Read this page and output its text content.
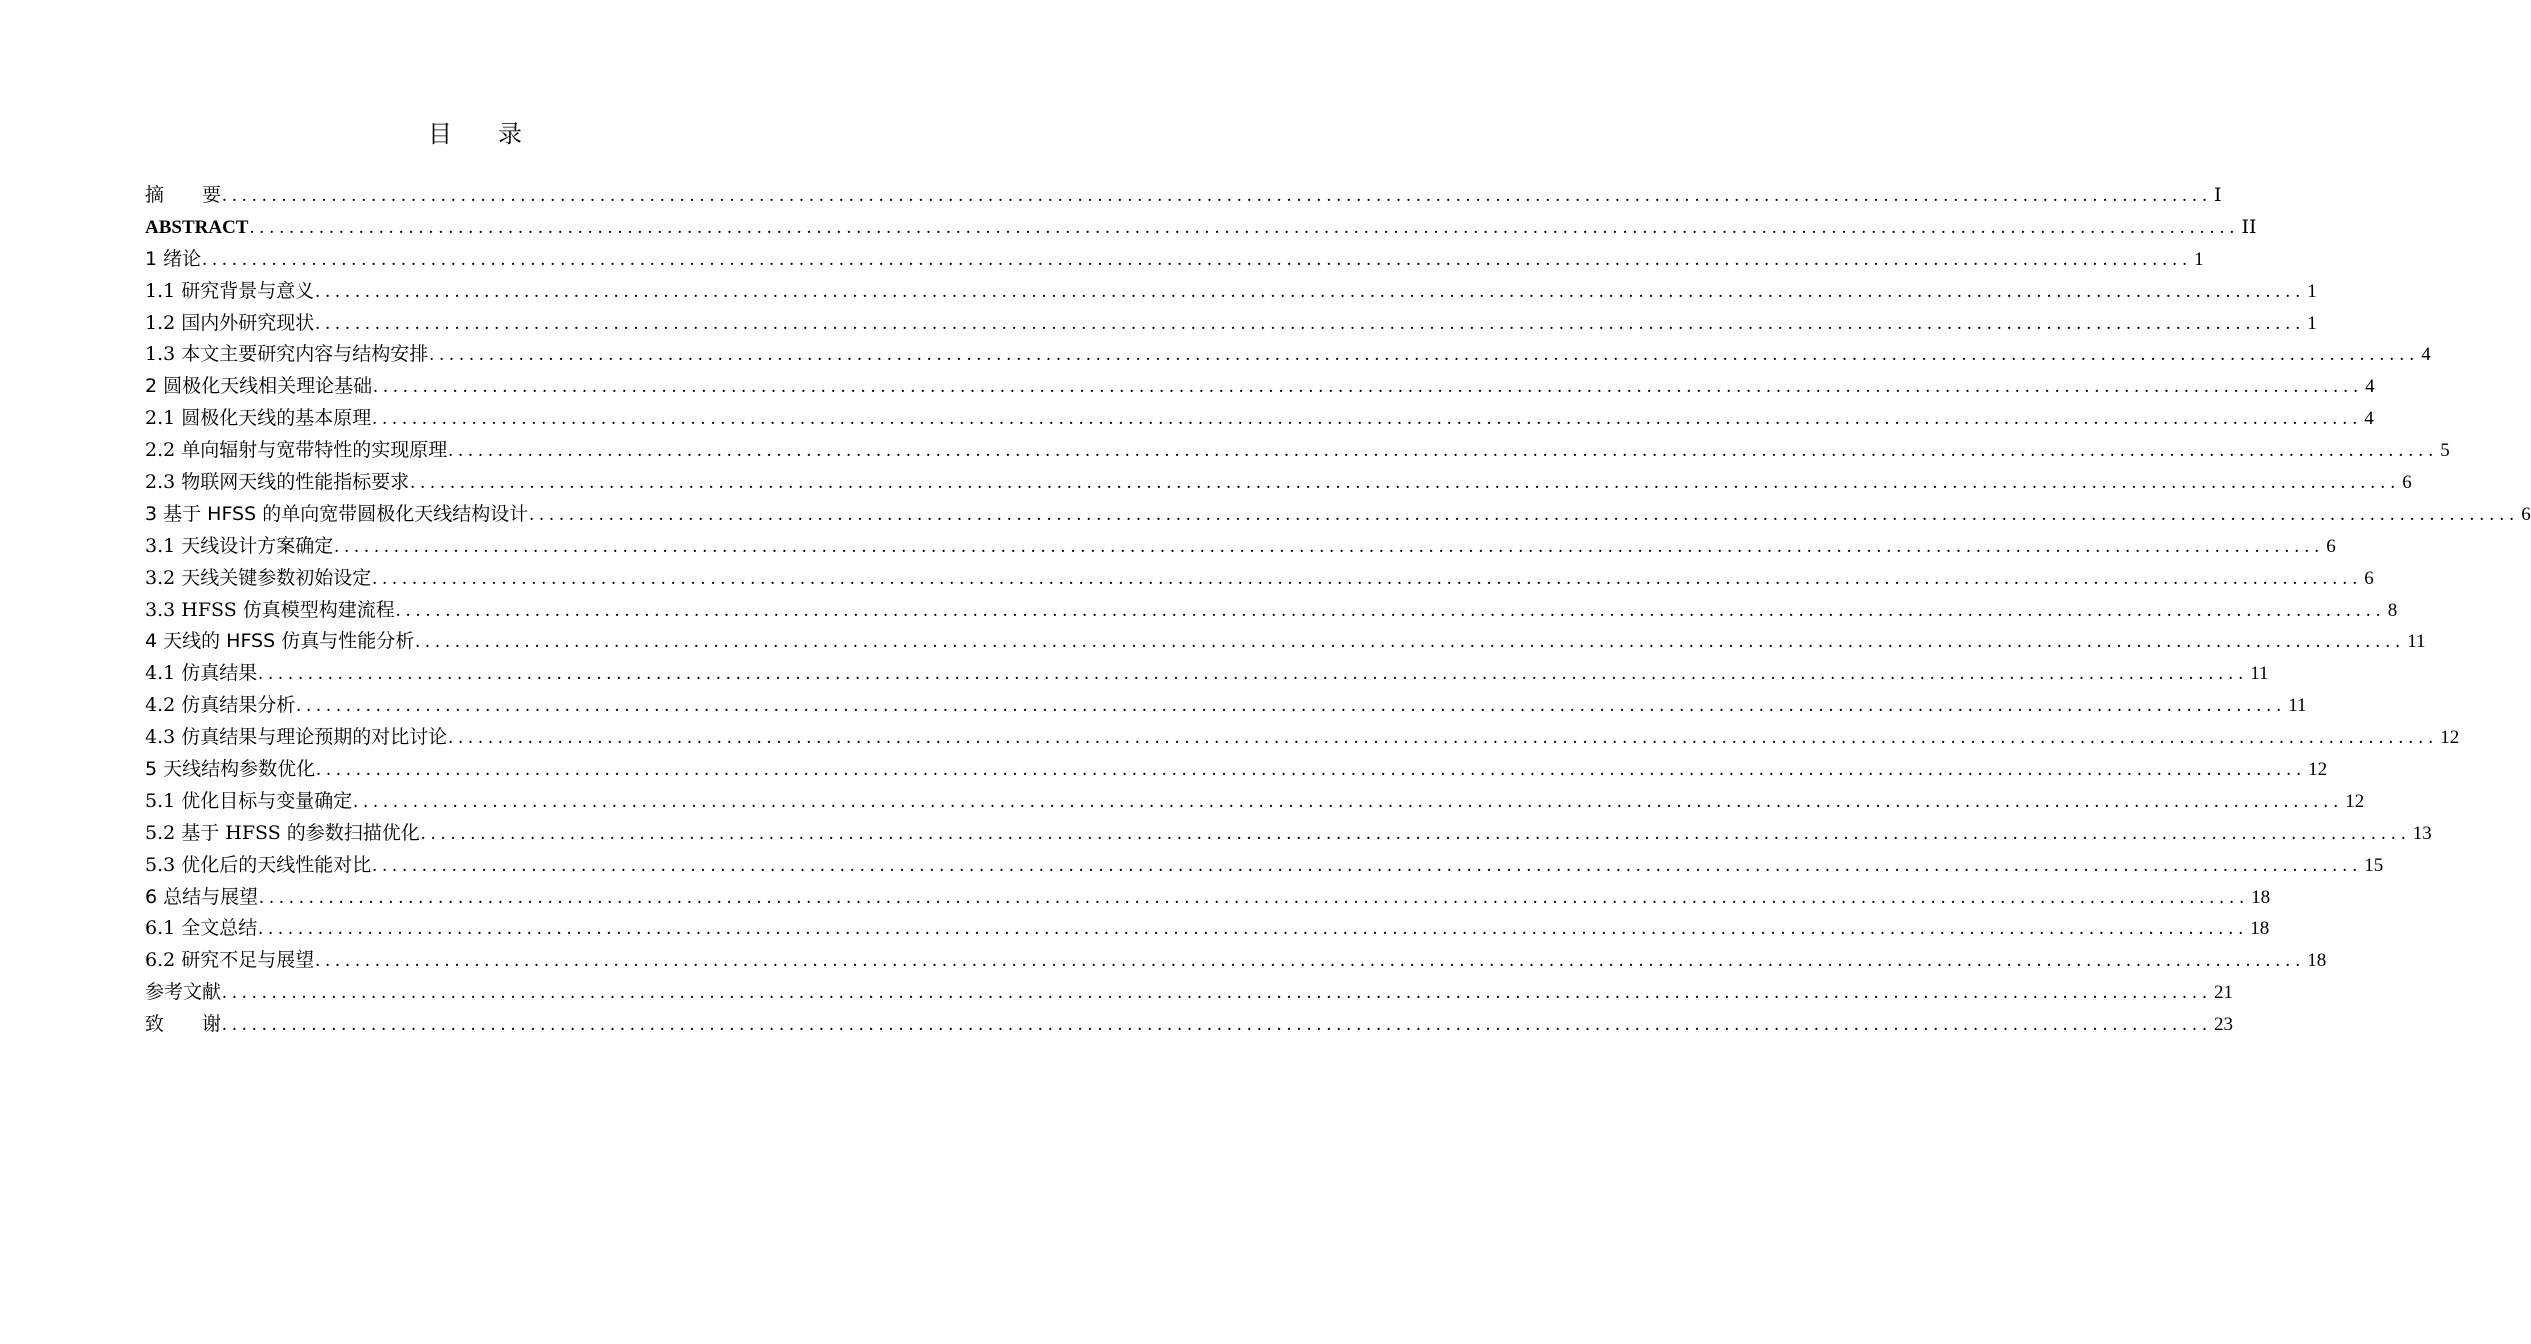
目 录
摘　　要 ........................................................................................................................................................................................................ I
ABSTRACT ........................................................................................................................................................................................................ II
1 绪论 ........................................................................................................................................................................................................ 1
1.1 研究背景与意义 ........................................................................................................................................................................................................ 1
1.2 国内外研究现状 ........................................................................................................................................................................................................ 1
1.3 本文主要研究内容与结构安排 ........................................................................................................................................................................................................ 4
2 圆极化天线相关理论基础 ........................................................................................................................................................................................................ 4
2.1 圆极化天线的基本原理 ........................................................................................................................................................................................................ 4
2.2 单向辐射与宽带特性的实现原理 ........................................................................................................................................................................................................ 5
2.3 物联网天线的性能指标要求 ........................................................................................................................................................................................................ 6
3 基于 HFSS 的单向宽带圆极化天线结构设计 ........................................................................................................................................................................................................ 6
3.1 天线设计方案确定 ........................................................................................................................................................................................................ 6
3.2 天线关键参数初始设定 ........................................................................................................................................................................................................ 6
3.3 HFSS 仿真模型构建流程 ........................................................................................................................................................................................................ 8
4 天线的 HFSS 仿真与性能分析 ........................................................................................................................................................................................................ 11
4.1 仿真结果 ........................................................................................................................................................................................................ 11
4.2 仿真结果分析 ........................................................................................................................................................................................................ 11
4.3 仿真结果与理论预期的对比讨论 ........................................................................................................................................................................................................ 12
5 天线结构参数优化 ........................................................................................................................................................................................................ 12
5.1 优化目标与变量确定 ........................................................................................................................................................................................................ 12
5.2 基于 HFSS 的参数扫描优化 ........................................................................................................................................................................................................ 13
5.3 优化后的天线性能对比 ........................................................................................................................................................................................................ 15
6 总结与展望 ........................................................................................................................................................................................................ 18
6.1 全文总结 ........................................................................................................................................................................................................ 18
6.2 研究不足与展望 ........................................................................................................................................................................................................ 18
参考文献 ........................................................................................................................................................................................................ 21
致　　谢 ........................................................................................................................................................................................................ 23
